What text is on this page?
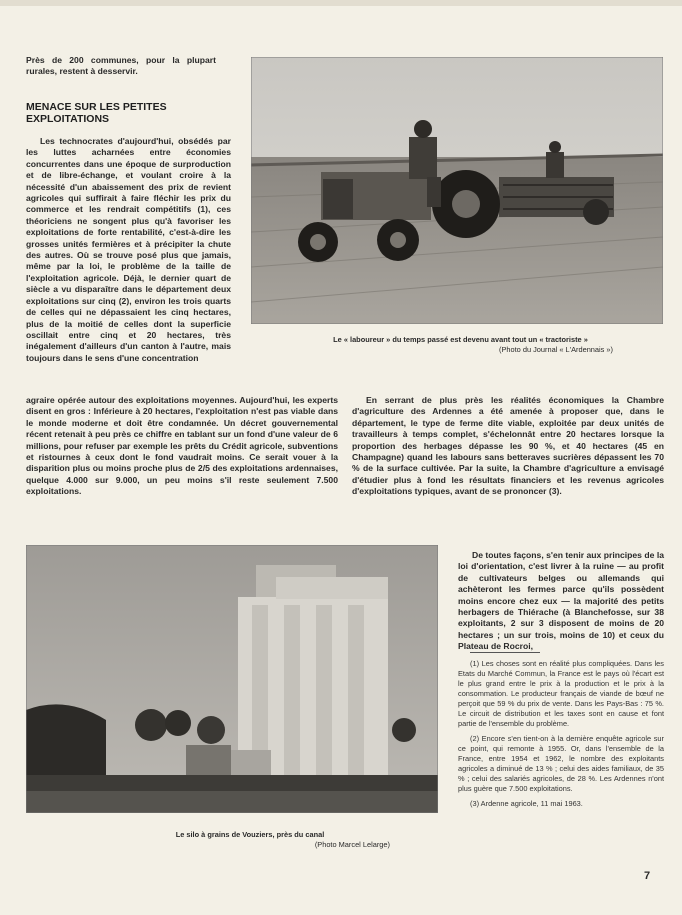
Près de 200 communes, pour la plupart rurales, restent à desservir.

MENACE SUR LES PETITES EXPLOITATIONS

Les technocrates d'aujourd'hui, obsédés par les luttes acharnées entre économies concurrentes dans une époque de surproduction et de libre-échange, et voulant croire à la nécessité d'un abaissement des prix de revient agricoles qui suffirait à faire fléchir les prix du commerce et les rendrait compétitifs (1), ces théoriciens ne songent plus qu'à favoriser les exploitations de forte rentabilité, c'est-à-dire les grosses unités fermières et à précipiter la chute des autres. Où se trouve posé plus que jamais, même par la loi, le problème de la taille de l'exploitation agricole. Déjà, le dernier quart de siècle a vu disparaître dans le département deux exploitations sur cinq (2), environ les trois quarts de celles qui ne dépassaient les cinq hectares, plus de la moitié de celles dont la superficie oscillait entre cinq et 20 hectares, très inégalement d'ailleurs d'un canton à l'autre, mais toujours dans le sens d'une concentration

agraire opérée autour des exploitations moyennes. Aujourd'hui, les experts disent en gros : Inférieure à 20 hectares, l'exploitation n'est pas viable dans le monde moderne et doit être condamnée. Un décret gouvernemental récent retenait à peu près ce chiffre en tablant sur un fond d'une valeur de 6 millions, pour refuser par exemple les prêts du Crédit agricole, subventions et ristournes à ceux dont le fond vaudrait moins. Ce serait vouer à la disparition plus ou moins proche plus de 2/5 des exploitations ardennaises, quelque 4.000 sur 9.000, un peu moins s'il reste seulement 7.500 exploitations.

Le « laboureur » du temps passé est devenu avant tout un « tractoriste »
(Photo du Journal « L'Ardennais »)

En serrant de plus près les réalités économiques la Chambre d'agriculture des Ardennes a été amenée à proposer que, dans le département, le type de ferme dite viable, exploitée par deux unités de travailleurs à temps complet, s'échelonnât entre 20 hectares lorsque la proportion des herbages dépasse les 90 %, et 40 hectares (45 en Champagne) quand les labours sans betteraves sucrières dépassent les 70 % de la surface cultivée. Par la suite, la Chambre d'agriculture a envisagé d'étudier plus à fond les résultats financiers et les revenus agricoles d'exploitations typiques, avant de se prononcer (3).

De toutes façons, s'en tenir aux principes de la loi d'orientation, c'est livrer à la ruine — au profit de cultivateurs belges ou allemands qui achèteront les fermes parce qu'ils possèdent moins encore chez eux — la majorité des petits herbagers de Thiérache (à Blanchefosse, sur 38 exploitants, 2 sur 3 disposent de moins de 20 hectares ; un sur trois, moins de 10) et ceux du Plateau de Rocroi,

Le silo à grains de Vouziers, près du canal
(Photo Marcel Lelarge)

(1) Les choses sont en réalité plus compliquées. Dans les Etats du Marché Commun, la France est le pays où l'écart est le plus grand entre le prix à la production et le prix à la consommation. Le producteur français de viande de bœuf ne perçoit que 59 % du prix de vente. Dans les Pays-Bas : 75 %. Le circuit de distribution et les taxes sont en cause et font partie de l'ensemble du problème.

(2) Encore s'en tient-on à la dernière enquête agricole sur ce point, qui remonte à 1955. Or, dans l'ensemble de la France, entre 1954 et 1962, le nombre des exploitants agricoles a diminué de 13 % ; celui des aides familiaux, de 35 % ; celui des salariés agricoles, de 28 %. Les Ardennes n'ont plus guère que 7.500 exploitations.

(3) Ardenne agricole, 11 mai 1963.

7
